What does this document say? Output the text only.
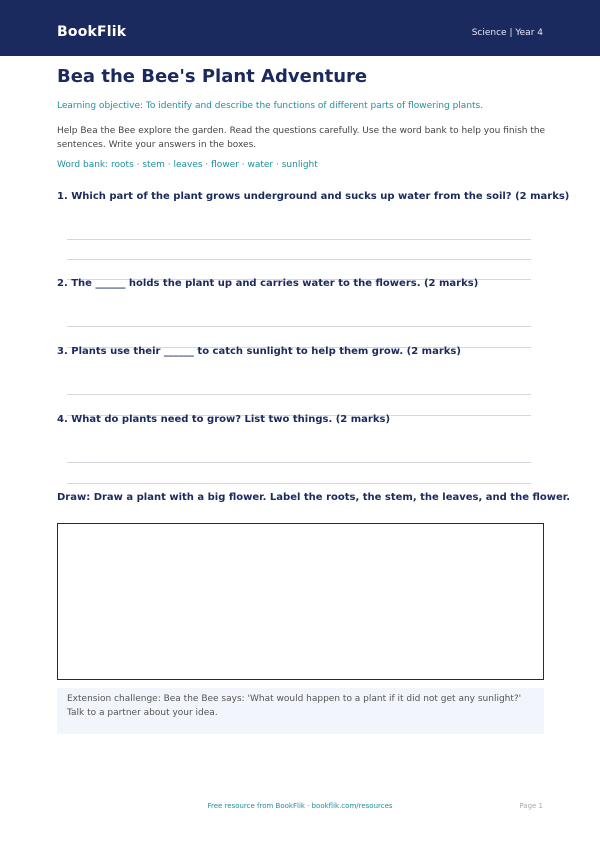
BookFlik	Science | Year 4
Bea the Bee's Plant Adventure
Learning objective: To identify and describe the functions of different parts of flowering plants.
Help Bea the Bee explore the garden. Read the questions carefully. Use the word bank to help you finish the sentences. Write your answers in the boxes.
Word bank: roots · stem · leaves · flower · water · sunlight
1. Which part of the plant grows underground and sucks up water from the soil? (2 marks)
2. The ______ holds the plant up and carries water to the flowers. (2 marks)
3. Plants use their ______ to catch sunlight to help them grow. (2 marks)
4. What do plants need to grow? List two things. (2 marks)
Draw: Draw a plant with a big flower. Label the roots, the stem, the leaves, and the flower.
Extension challenge: Bea the Bee says: 'What would happen to a plant if it did not get any sunlight?' Talk to a partner about your idea.
Free resource from BookFlik · bookflik.com/resources	Page 1
